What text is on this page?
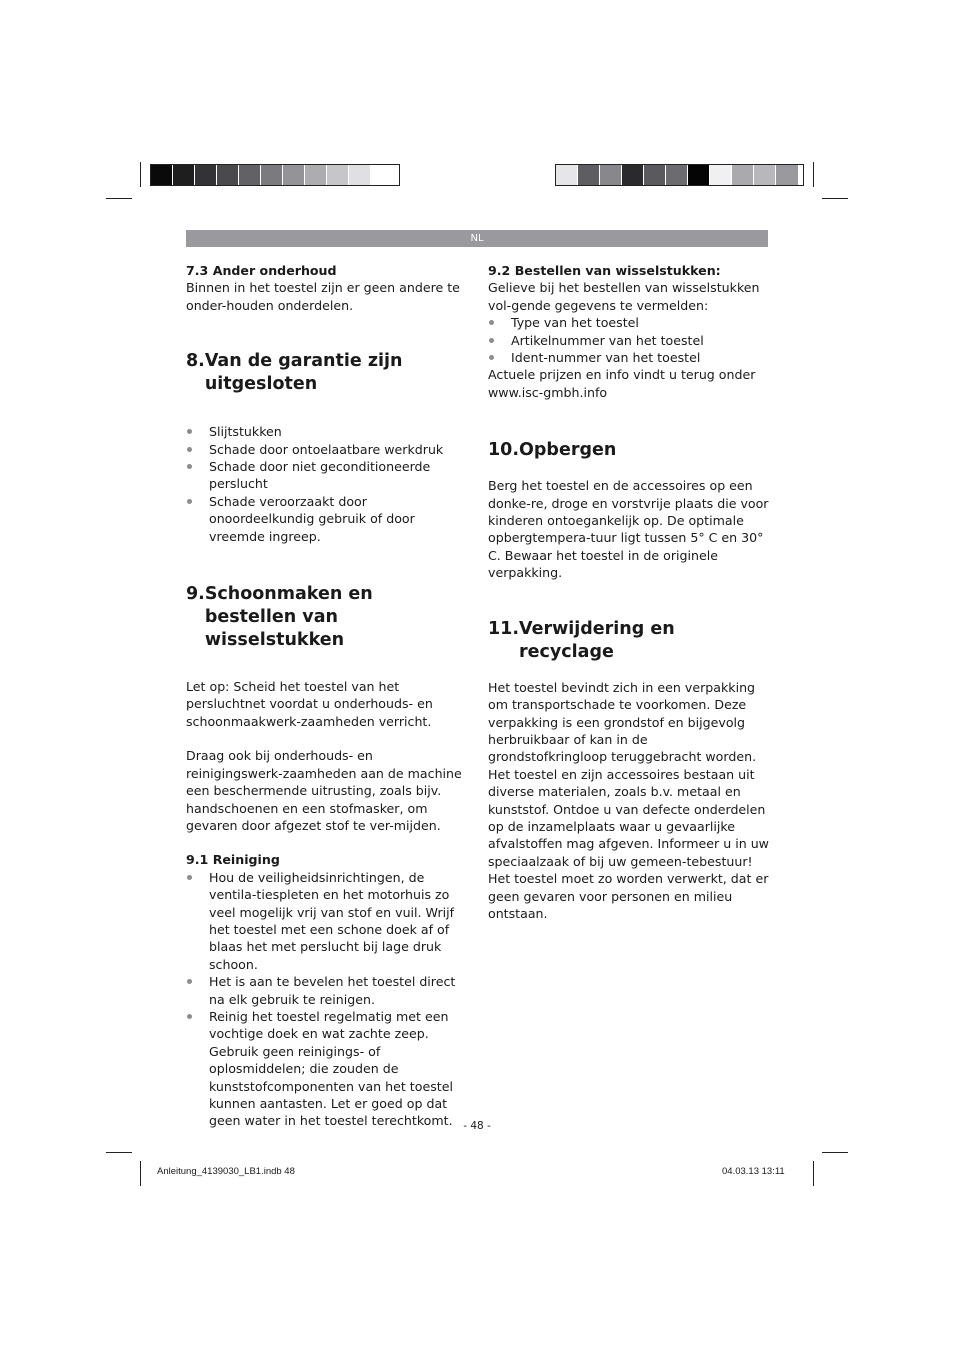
NL

7.3 Ander onderhoud

Binnen in het toestel zijn er geen andere te onder-houden onderdelen.

8. Van de garantie zijn uitgesloten
Slijtstukken
Schade door ontoelaatbare werkdruk
Schade door niet geconditioneerde perslucht
Schade veroorzaakt door onoordeelkundig gebruik of door vreemde ingreep.
9. Schoonmaken en bestellen van wisselstukken

Let op: Scheid het toestel van het persluchtnet voordat u onderhouds- en schoonmaakwerk-zaamheden verricht.

Draag ook bij onderhouds- en reinigingswerk-zaamheden aan de machine een beschermende uitrusting, zoals bijv. handschoenen en een stofmasker, om gevaren door afgezet stof te ver-mijden.

9.1 Reiniging

Hou de veiligheidsinrichtingen, de ventila-tiespleten en het motorhuis zo veel mogelijk vrij van stof en vuil. Wrijf het toestel met een schone doek af of blaas het met perslucht bij lage druk schoon.
Het is aan te bevelen het toestel direct na elk gebruik te reinigen.
Reinig het toestel regelmatig met een vochtige doek en wat zachte zeep. Gebruik geen reinigings- of oplosmiddelen; die zouden de kunststofcomponenten van het toestel kunnen aantasten. Let er goed op dat geen water in het toestel terechtkomt.

9.2 Bestellen van wisselstukken:

Gelieve bij het bestellen van wisselstukken vol-gende gegevens te vermelden:

Type van het toestel
Artikelnummer van het toestel
Ident-nummer van het toestel

Actuele prijzen en info vindt u terug onder www.isc-gmbh.info

10. Opbergen

Berg het toestel en de accessoires op een donke-re, droge en vorstvrije plaats die voor kinderen ontoegankelijk op. De optimale opbergtempera-tuur ligt tussen 5° C en 30° C. Bewaar het toestel in de originele verpakking.

11. Verwijdering en recyclage

Het toestel bevindt zich in een verpakking om transportschade te voorkomen. Deze verpakking is een grondstof en bijgevolg herbruikbaar of kan in de grondstofkringloop teruggebracht worden. Het toestel en zijn accessoires bestaan uit diverse materialen, zoals b.v. metaal en kunststof. Ontdoe u van defecte onderdelen op de inzamelplaats waar u gevaarlijke afvalstoffen mag afgeven. Informeer u in uw speciaalzaak of bij uw gemeen-tebestuur! Het toestel moet zo worden verwerkt, dat er geen gevaren voor personen en milieu ontstaan.

- 48 -
Anleitung_4139030_LB1.indb 48	04.03.13 13:11
